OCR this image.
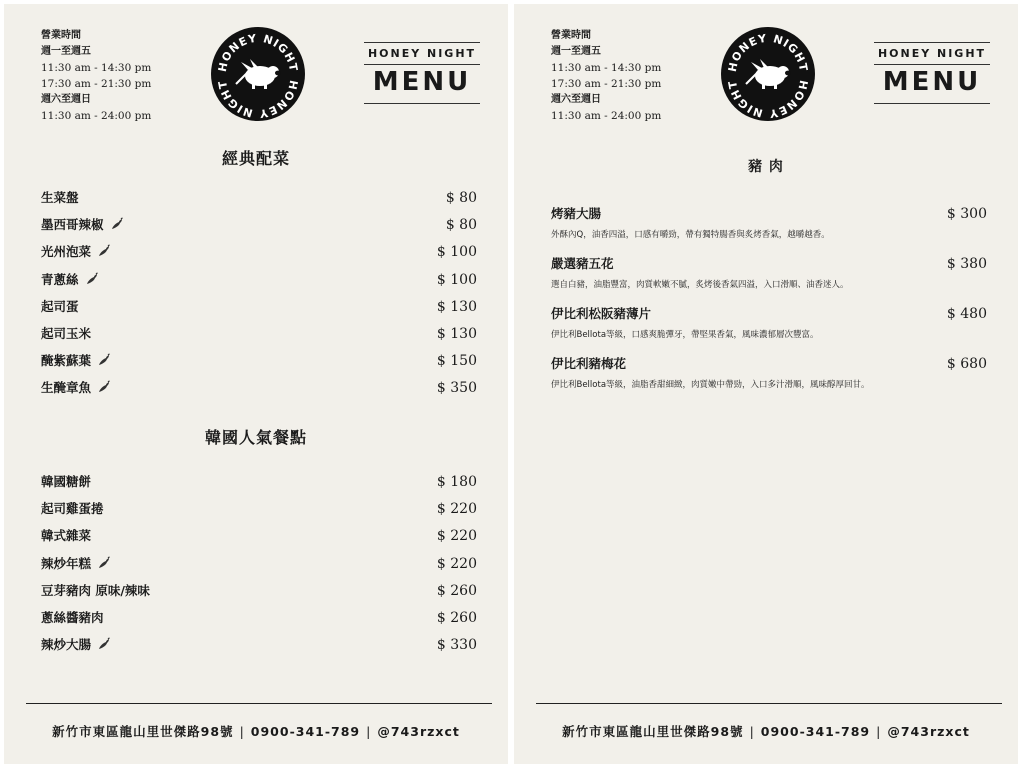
營業時間
週一至週五
11:30 am - 14:30 pm
17:30 am - 21:30 pm
週六至週日
11:30 am - 24:00 pm
HONEY NIGHT
HONEY NIGHT
HONEY NIGHT
MENU
經典配菜
生菜盤	$ 80
墨西哥辣椒	$ 80
光州泡菜	$ 100
青蔥絲	$ 100
起司蛋	$ 130
起司玉米	$ 130
醃紫蘇葉	$ 150
生醃章魚	$ 350
韓國人氣餐點
韓國糖餅	$ 180
起司雞蛋捲	$ 220
韓式雜菜	$ 220
辣炒年糕	$ 220
豆芽豬肉 原味/辣味	$ 260
蔥絲醬豬肉	$ 260
辣炒大腸	$ 330
新竹市東區龍山里世傑路98號 | 0900-341-789 | @743rzxct
營業時間
週一至週五
11:30 am - 14:30 pm
17:30 am - 21:30 pm
週六至週日
11:30 am - 24:00 pm
HONEY NIGHT
HONEY NIGHT
HONEY NIGHT
MENU
豬 肉
烤豬大腸	$ 300
外酥內Q，油香四溢，口感有嚼勁，帶有獨特腸香與炙烤香氣，越嚼越香。
嚴選豬五花	$ 380
選自白豬，油脂豐富，肉質軟嫩不膩，炙烤後香氣四溢，入口滑順、油香迷人。
伊比利松阪豬薄片	$ 480
伊比利Bellota等級，口感爽脆彈牙，帶堅果香氣，風味濃郁層次豐富。
伊比利豬梅花	$ 680
伊比利Bellota等級，油脂香甜細緻，肉質嫩中帶勁，入口多汁滑順，風味醇厚回甘。
新竹市東區龍山里世傑路98號 | 0900-341-789 | @743rzxct
